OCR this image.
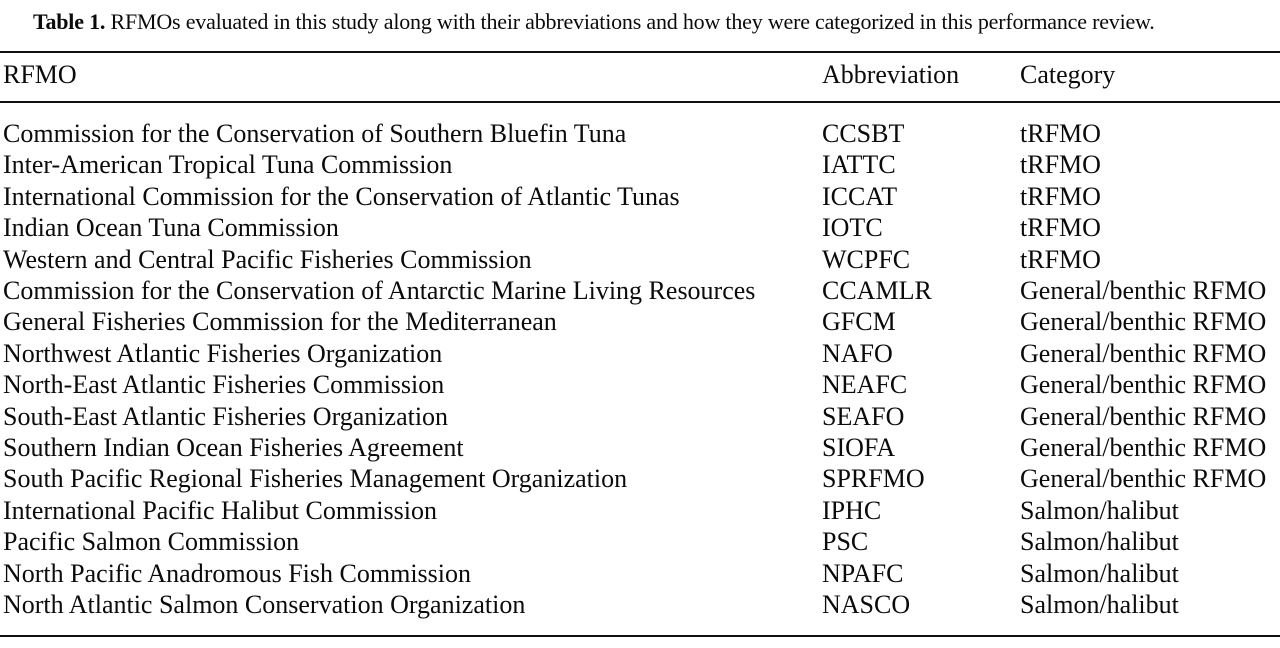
Table 1. RFMOs evaluated in this study along with their abbreviations and how they were categorized in this performance review.
RFMO	Abbreviation	Category
Commission for the Conservation of Southern Bluefin Tuna	CCSBT	tRFMO
Inter-American Tropical Tuna Commission	IATTC	tRFMO
International Commission for the Conservation of Atlantic Tunas	ICCAT	tRFMO
Indian Ocean Tuna Commission	IOTC	tRFMO
Western and Central Pacific Fisheries Commission	WCPFC	tRFMO
Commission for the Conservation of Antarctic Marine Living Resources	CCAMLR	General/benthic RFMO
General Fisheries Commission for the Mediterranean	GFCM	General/benthic RFMO
Northwest Atlantic Fisheries Organization	NAFO	General/benthic RFMO
North-East Atlantic Fisheries Commission	NEAFC	General/benthic RFMO
South-East Atlantic Fisheries Organization	SEAFO	General/benthic RFMO
Southern Indian Ocean Fisheries Agreement	SIOFA	General/benthic RFMO
South Pacific Regional Fisheries Management Organization	SPRFMO	General/benthic RFMO
International Pacific Halibut Commission	IPHC	Salmon/halibut
Pacific Salmon Commission	PSC	Salmon/halibut
North Pacific Anadromous Fish Commission	NPAFC	Salmon/halibut
North Atlantic Salmon Conservation Organization	NASCO	Salmon/halibut
